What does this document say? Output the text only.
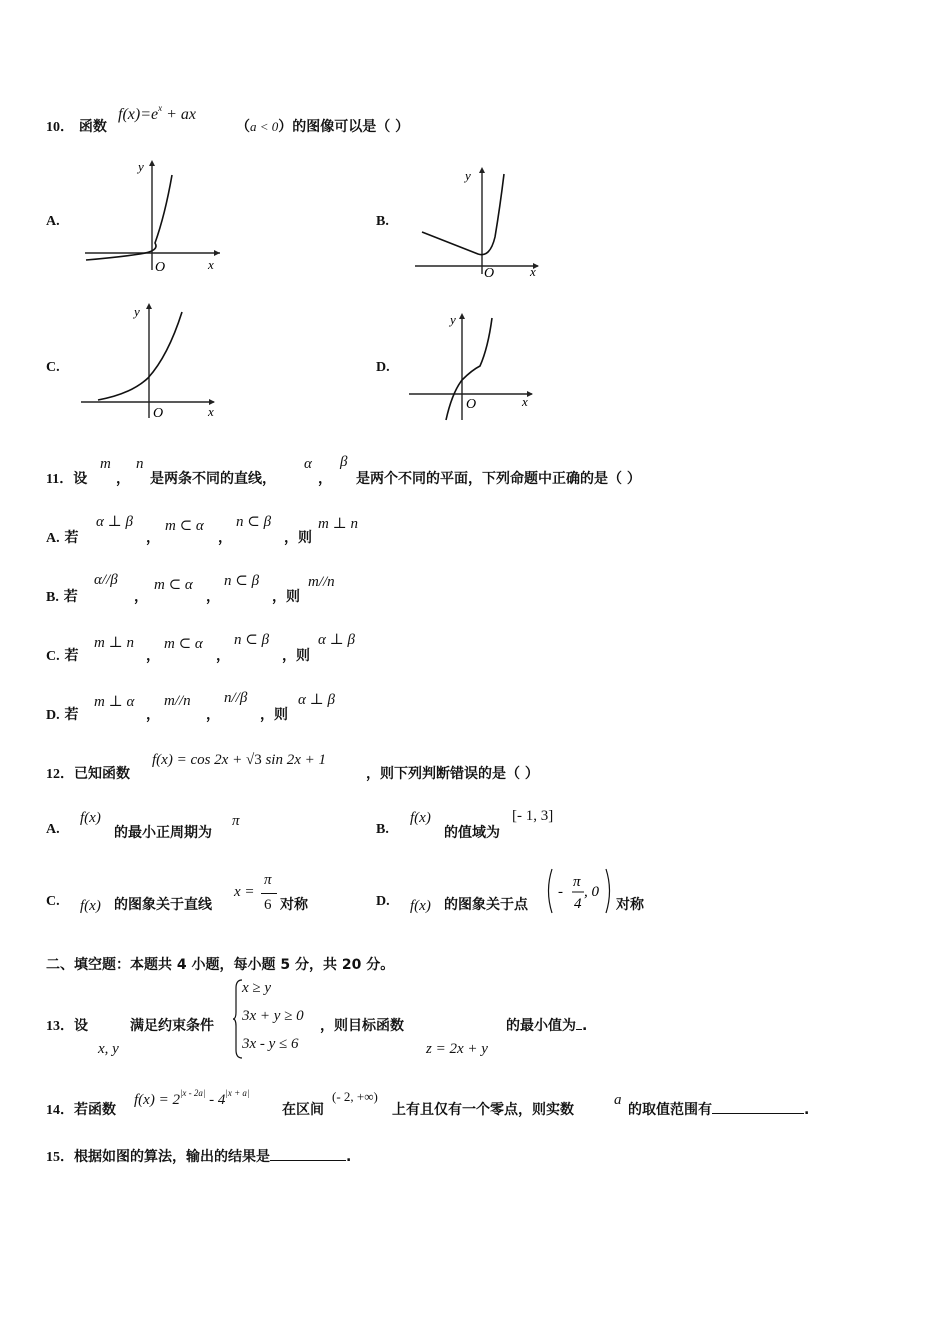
10． 函数
$f(x)=e^x$ + ax
（a < 0）的图像可以是（ ）
A.	B.
C.	D.
y
x
O
y
x
O
y
x
O
y
x
O
11．设
m
，
n
是两条不同的直线，
α
，
β
是两个不同的平面，下列命题中正确的是（ ）
A. 若
α ⊥ β
，
m ⊂ α
，
n ⊂ β
，则
m ⊥ n
B. 若
α//β
，
m ⊂ α
，
n ⊂ β
，则
m//n
C. 若
m ⊥ n
，
m ⊂ α
，
n ⊂ β
，则
α ⊥ β
D. 若
m ⊥ α
，
m//n
，
n//β
，则
α ⊥ β
12．已知函数
f(x) = cos 2x + √3 sin 2x + 1
，则下列判断错误的是（ ）
A.
f(x)
的最小正周期为
π
B.
f(x)
的值域为
[- 1, 3]
C. f(x) 的图象关于直线
x =
π
6 对称	D. f(x) 的图象关于点
-
π
4
, 0
对称
二、填空题：本题共 4 小题，每小题 5 分，共 20 分。
13．设
x, y
满足约束条件
x ≥ y
3x + y ≥ 0
3x - y ≤ 6
，则目标函数
z = 2x + y
的最小值为 .
14．若函数
$f(x) = 2^{|x - 2a|} - 4^{|x + a|}$
在区间
(- 2, +∞)
上有且仅有一个零点，则实数
a
的取值范围有	.
15．根据如图的算法，输出的结果是	.
